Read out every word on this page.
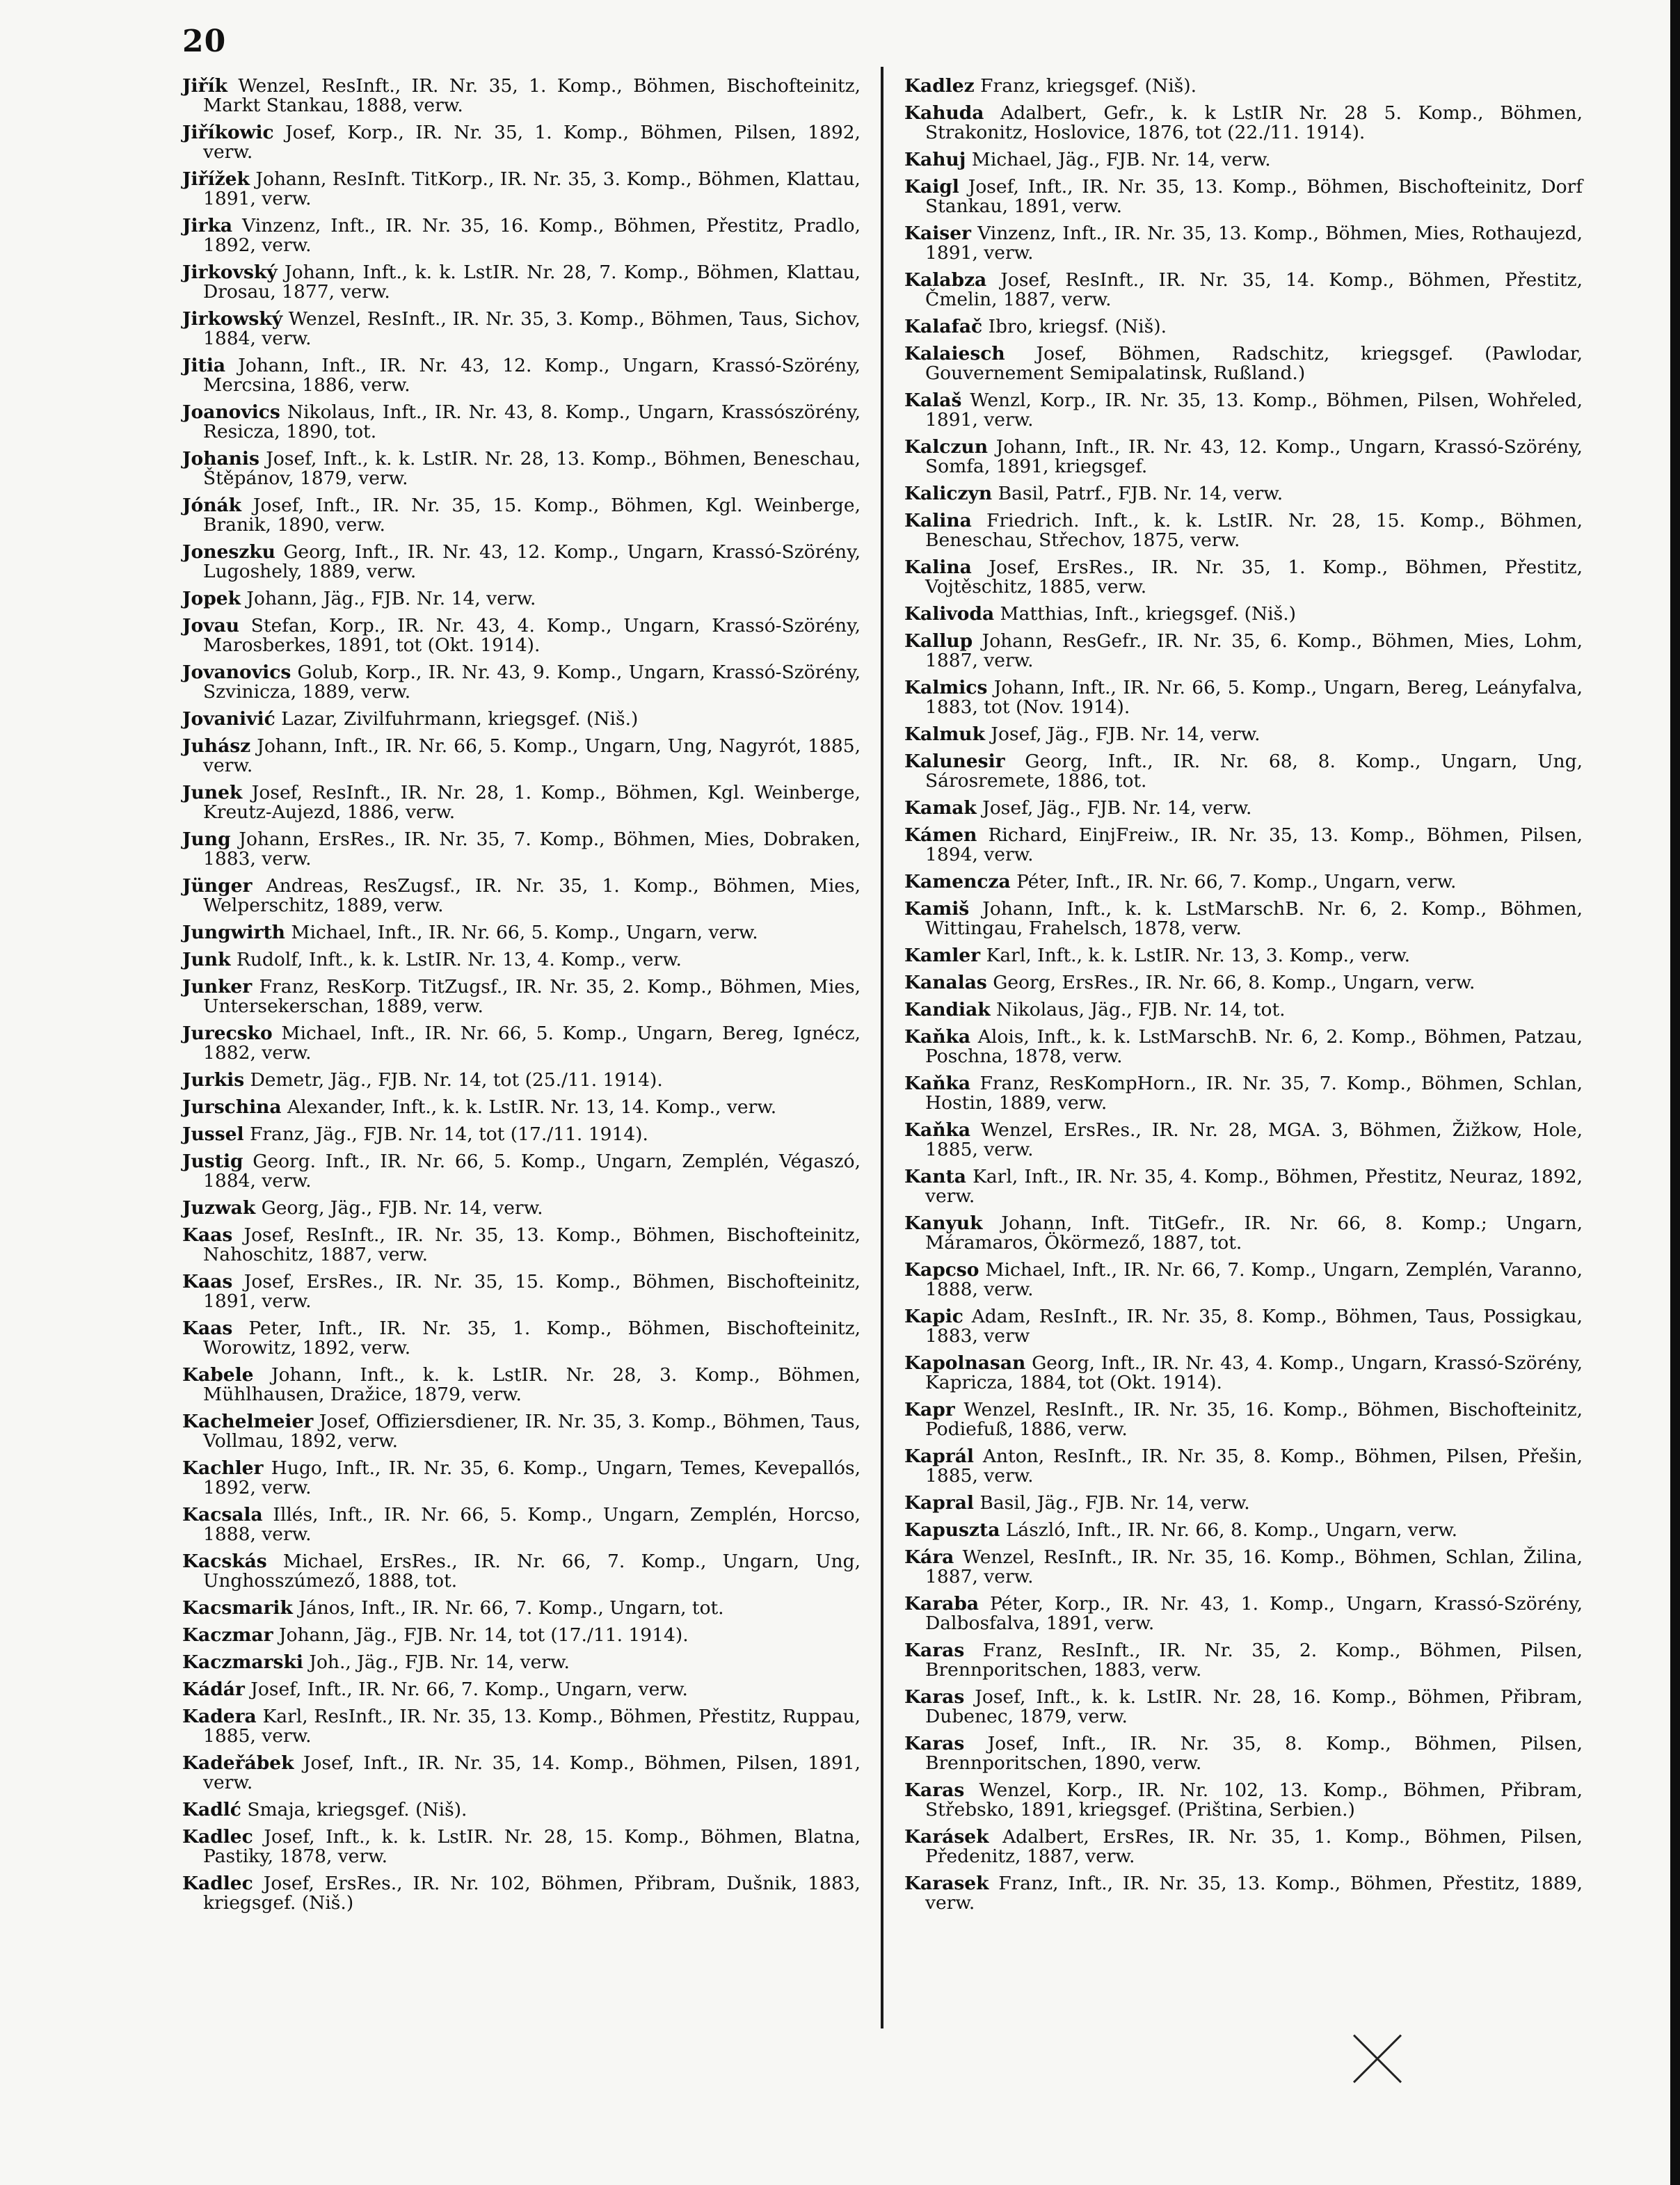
20
Jiřík Wenzel, ResInft., IR. Nr. 35, 1. Komp., Böhmen, Bischofteinitz, Markt Stankau, 1888, verw.
Jiříkowic Josef, Korp., IR. Nr. 35, 1. Komp., Böhmen, Pilsen, 1892, verw.
Jiřížek Johann, ResInft. TitKorp., IR. Nr. 35, 3. Komp., Böhmen, Klattau, 1891, verw.
Jirka Vinzenz, Inft., IR. Nr. 35, 16. Komp., Böhmen, Přestitz, Pradlo, 1892, verw.
Jirkovský Johann, Inft., k. k. LstIR. Nr. 28, 7. Komp., Böhmen, Klattau, Drosau, 1877, verw.
Jirkowský Wenzel, ResInft., IR. Nr. 35, 3. Komp., Böhmen, Taus, Sichov, 1884, verw.
Jitia Johann, Inft., IR. Nr. 43, 12. Komp., Ungarn, Krassó-Szörény, Mercsina, 1886, verw.
Joanovics Nikolaus, Inft., IR. Nr. 43, 8. Komp., Ungarn, Krassószörény, Resicza, 1890, tot.
Johanis Josef, Inft., k. k. LstIR. Nr. 28, 13. Komp., Böhmen, Beneschau, Štěpánov, 1879, verw.
Jónák Josef, Inft., IR. Nr. 35, 15. Komp., Böhmen, Kgl. Weinberge, Branik, 1890, verw.
Joneszku Georg, Inft., IR. Nr. 43, 12. Komp., Ungarn, Krassó-Szörény, Lugoshely, 1889, verw.
Jopek Johann, Jäg., FJB. Nr. 14, verw.
Jovau Stefan, Korp., IR. Nr. 43, 4. Komp., Ungarn, Krassó-Szörény, Marosberkes, 1891, tot (Okt. 1914).
Jovanovics Golub, Korp., IR. Nr. 43, 9. Komp., Ungarn, Krassó-Szörény, Szvinicza, 1889, verw.
Jovanivić Lazar, Zivilfuhrmann, kriegsgef. (Niš.)
Juhász Johann, Inft., IR. Nr. 66, 5. Komp., Ungarn, Ung, Nagyrót, 1885, verw.
Junek Josef, ResInft., IR. Nr. 28, 1. Komp., Böhmen, Kgl. Weinberge, Kreutz-Aujezd, 1886, verw.
Jung Johann, ErsRes., IR. Nr. 35, 7. Komp., Böhmen, Mies, Dobraken, 1883, verw.
Jünger Andreas, ResZugsf., IR. Nr. 35, 1. Komp., Böhmen, Mies, Welperschitz, 1889, verw.
Jungwirth Michael, Inft., IR. Nr. 66, 5. Komp., Ungarn, verw.
Junk Rudolf, Inft., k. k. LstIR. Nr. 13, 4. Komp., verw.
Junker Franz, ResKorp. TitZugsf., IR. Nr. 35, 2. Komp., Böhmen, Mies, Untersekerschan, 1889, verw.
Jurecsko Michael, Inft., IR. Nr. 66, 5. Komp., Ungarn, Bereg, Ignécz, 1882, verw.
Jurkis Demetr, Jäg., FJB. Nr. 14, tot (25./11. 1914).
Jurschina Alexander, Inft., k. k. LstIR. Nr. 13, 14. Komp., verw.
Jussel Franz, Jäg., FJB. Nr. 14, tot (17./11. 1914).
Justig Georg. Inft., IR. Nr. 66, 5. Komp., Ungarn, Zemplén, Végaszó, 1884, verw.
Juzwak Georg, Jäg., FJB. Nr. 14, verw.
Kaas Josef, ResInft., IR. Nr. 35, 13. Komp., Böhmen, Bischofteinitz, Nahoschitz, 1887, verw.
Kaas Josef, ErsRes., IR. Nr. 35, 15. Komp., Böhmen, Bischofteinitz, 1891, verw.
Kaas Peter, Inft., IR. Nr. 35, 1. Komp., Böhmen, Bischofteinitz, Worowitz, 1892, verw.
Kabele Johann, Inft., k. k. LstIR. Nr. 28, 3. Komp., Böhmen, Mühlhausen, Dražice, 1879, verw.
Kachelmeier Josef, Offiziersdiener, IR. Nr. 35, 3. Komp., Böhmen, Taus, Vollmau, 1892, verw.
Kachler Hugo, Inft., IR. Nr. 35, 6. Komp., Ungarn, Temes, Kevepallós, 1892, verw.
Kacsala Illés, Inft., IR. Nr. 66, 5. Komp., Ungarn, Zemplén, Horcso, 1888, verw.
Kacskás Michael, ErsRes., IR. Nr. 66, 7. Komp., Ungarn, Ung, Unghosszúmező, 1888, tot.
Kacsmarik János, Inft., IR. Nr. 66, 7. Komp., Ungarn, tot.
Kaczmar Johann, Jäg., FJB. Nr. 14, tot (17./11. 1914).
Kaczmarski Joh., Jäg., FJB. Nr. 14, verw.
Kádár Josef, Inft., IR. Nr. 66, 7. Komp., Ungarn, verw.
Kadera Karl, ResInft., IR. Nr. 35, 13. Komp., Böhmen, Přestitz, Ruppau, 1885, verw.
Kadeřábek Josef, Inft., IR. Nr. 35, 14. Komp., Böhmen, Pilsen, 1891, verw.
Kadlć Smaja, kriegsgef. (Niš).
Kadlec Josef, Inft., k. k. LstIR. Nr. 28, 15. Komp., Böhmen, Blatna, Pastiky, 1878, verw.
Kadlec Josef, ErsRes., IR. Nr. 102, Böhmen, Přibram, Dušnik, 1883, kriegsgef. (Niš.)
Kadlez Franz, kriegsgef. (Niš).
Kahuda Adalbert, Gefr., k. k LstIR Nr. 28 5. Komp., Böhmen, Strakonitz, Hoslovice, 1876, tot (22./11. 1914).
Kahuj Michael, Jäg., FJB. Nr. 14, verw.
Kaigl Josef, Inft., IR. Nr. 35, 13. Komp., Böhmen, Bischofteinitz, Dorf Stankau, 1891, verw.
Kaiser Vinzenz, Inft., IR. Nr. 35, 13. Komp., Böhmen, Mies, Rothaujezd, 1891, verw.
Kalabza Josef, ResInft., IR. Nr. 35, 14. Komp., Böhmen, Přestitz, Čmelin, 1887, verw.
Kalafač Ibro, kriegsf. (Niš).
Kalaiesch Josef, Böhmen, Radschitz, kriegsgef. (Pawlodar, Gouvernement Semipalatinsk, Rußland.)
Kalaš Wenzl, Korp., IR. Nr. 35, 13. Komp., Böhmen, Pilsen, Wohřeled, 1891, verw.
Kalczun Johann, Inft., IR. Nr. 43, 12. Komp., Ungarn, Krassó-Szörény, Somfa, 1891, kriegsgef.
Kaliczyn Basil, Patrf., FJB. Nr. 14, verw.
Kalina Friedrich. Inft., k. k. LstIR. Nr. 28, 15. Komp., Böhmen, Beneschau, Střechov, 1875, verw.
Kalina Josef, ErsRes., IR. Nr. 35, 1. Komp., Böhmen, Přestitz, Vojtěschitz, 1885, verw.
Kalivoda Matthias, Inft., kriegsgef. (Niš.)
Kallup Johann, ResGefr., IR. Nr. 35, 6. Komp., Böhmen, Mies, Lohm, 1887, verw.
Kalmics Johann, Inft., IR. Nr. 66, 5. Komp., Ungarn, Bereg, Leányfalva, 1883, tot (Nov. 1914).
Kalmuk Josef, Jäg., FJB. Nr. 14, verw.
Kalunesir Georg, Inft., IR. Nr. 68, 8. Komp., Ungarn, Ung, Sárosremete, 1886, tot.
Kamak Josef, Jäg., FJB. Nr. 14, verw.
Kámen Richard, EinjFreiw., IR. Nr. 35, 13. Komp., Böhmen, Pilsen, 1894, verw.
Kamencza Péter, Inft., IR. Nr. 66, 7. Komp., Ungarn, verw.
Kamiš Johann, Inft., k. k. LstMarschB. Nr. 6, 2. Komp., Böhmen, Wittingau, Frahelsch, 1878, verw.
Kamler Karl, Inft., k. k. LstIR. Nr. 13, 3. Komp., verw.
Kanalas Georg, ErsRes., IR. Nr. 66, 8. Komp., Ungarn, verw.
Kandiak Nikolaus, Jäg., FJB. Nr. 14, tot.
Kaňka Alois, Inft., k. k. LstMarschB. Nr. 6, 2. Komp., Böhmen, Patzau, Poschna, 1878, verw.
Kaňka Franz, ResKompHorn., IR. Nr. 35, 7. Komp., Böhmen, Schlan, Hostin, 1889, verw.
Kaňka Wenzel, ErsRes., IR. Nr. 28, MGA. 3, Böhmen, Žižkow, Hole, 1885, verw.
Kanta Karl, Inft., IR. Nr. 35, 4. Komp., Böhmen, Přestitz, Neuraz, 1892, verw.
Kanyuk Johann, Inft. TitGefr., IR. Nr. 66, 8. Komp.; Ungarn, Máramaros, Ökörmező, 1887, tot.
Kapcso Michael, Inft., IR. Nr. 66, 7. Komp., Ungarn, Zemplén, Varanno, 1888, verw.
Kapic Adam, ResInft., IR. Nr. 35, 8. Komp., Böhmen, Taus, Possigkau, 1883, verw
Kapolnasan Georg, Inft., IR. Nr. 43, 4. Komp., Ungarn, Krassó-Szörény, Kapricza, 1884, tot (Okt. 1914).
Kapr Wenzel, ResInft., IR. Nr. 35, 16. Komp., Böhmen, Bischofteinitz, Podiefuß, 1886, verw.
Kaprál Anton, ResInft., IR. Nr. 35, 8. Komp., Böhmen, Pilsen, Přešin, 1885, verw.
Kapral Basil, Jäg., FJB. Nr. 14, verw.
Kapuszta László, Inft., IR. Nr. 66, 8. Komp., Ungarn, verw.
Kára Wenzel, ResInft., IR. Nr. 35, 16. Komp., Böhmen, Schlan, Žilina, 1887, verw.
Karaba Péter, Korp., IR. Nr. 43, 1. Komp., Ungarn, Krassó-Szörény, Dalbosfalva, 1891, verw.
Karas Franz, ResInft., IR. Nr. 35, 2. Komp., Böhmen, Pilsen, Brennporitschen, 1883, verw.
Karas Josef, Inft., k. k. LstIR. Nr. 28, 16. Komp., Böhmen, Přibram, Dubenec, 1879, verw.
Karas Josef, Inft., IR. Nr. 35, 8. Komp., Böhmen, Pilsen, Brennporitschen, 1890, verw.
Karas Wenzel, Korp., IR. Nr. 102, 13. Komp., Böhmen, Přibram, Střebsko, 1891, kriegsgef. (Priština, Serbien.)
Karásek Adalbert, ErsRes, IR. Nr. 35, 1. Komp., Böhmen, Pilsen, Předenitz, 1887, verw.
Karasek Franz, Inft., IR. Nr. 35, 13. Komp., Böhmen, Přestitz, 1889, verw.
